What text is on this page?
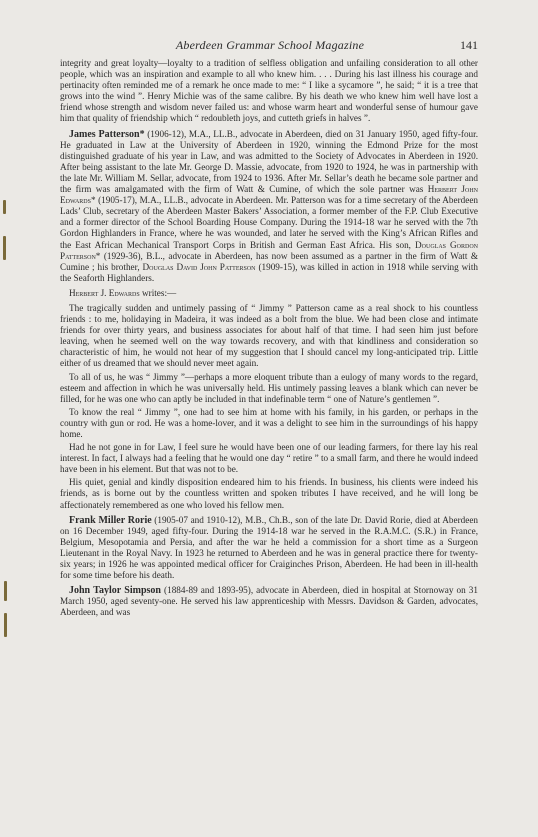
Aberdeen Grammar School Magazine	141

integrity and great loyalty—loyalty to a tradition of selfless obligation and unfailing consideration to all other people, which was an inspiration and example to all who knew him. . . . During his last illness his courage and pertinacity often reminded me of a remark he once made to me: “ I like a sycamore ”, he said; “ it is a tree that grows into the wind ”. Henry Michie was of the same calibre. By his death we who knew him well have lost a friend whose strength and wisdom never failed us: and whose warm heart and wonderful sense of humour gave him that quality of friendship which “ redoubleth joys, and cutteth griefs in halves ”.

James Patterson* (1906-12), M.A., LL.B., advocate in Aberdeen, died on 31 January 1950, aged fifty-four. He graduated in Law at the University of Aberdeen in 1920, winning the Edmond Prize for the most distinguished graduate of his year in Law, and was admitted to the Society of Advocates in Aberdeen in 1920. After being assistant to the late Mr. George D. Massie, advocate, from 1920 to 1924, he was in partnership with the late Mr. William M. Sellar, advocate, from 1924 to 1936. After Mr. Sellar’s death he became sole partner and the firm was amalgamated with the firm of Watt & Cumine, of which the sole partner was Herbert John Edwards* (1905-17), M.A., LL.B., advocate in Aberdeen. Mr. Patterson was for a time secretary of the Aberdeen Lads’ Club, secretary of the Aberdeen Master Bakers’ Association, a former member of the F.P. Club Executive and a former director of the School Boarding House Company. During the 1914-18 war he served with the 7th Gordon Highlanders in France, where he was wounded, and later he served with the King’s African Rifles and the East African Mechanical Transport Corps in British and German East Africa. His son, Douglas Gordon Patterson* (1929-36), B.L., advocate in Aberdeen, has now been assumed as a partner in the firm of Watt & Cumine ; his brother, Douglas David John Patterson (1909-15), was killed in action in 1918 while serving with the Seaforth Highlanders.

Herbert J. Edwards writes:—

The tragically sudden and untimely passing of “ Jimmy ” Patterson came as a real shock to his countless friends : to me, holidaying in Madeira, it was indeed as a bolt from the blue. We had been close and intimate friends for over thirty years, and business associates for about half of that time. I had seen him just before leaving, when he seemed well on the way towards recovery, and with that kindliness and consideration so characteristic of him, he would not hear of my suggestion that I should cancel my long-anticipated trip. Little either of us dreamed that we should never meet again.

To all of us, he was “ Jimmy ”—perhaps a more eloquent tribute than a eulogy of many words to the regard, esteem and affection in which he was universally held. His untimely passing leaves a blank which can never be filled, for he was one who can aptly be included in that indefinable term “ one of Nature’s gentlemen ”.

To know the real “ Jimmy ”, one had to see him at home with his family, in his garden, or perhaps in the country with gun or rod. He was a home-lover, and it was a delight to see him in the surroundings of his happy home.

Had he not gone in for Law, I feel sure he would have been one of our leading farmers, for there lay his real interest. In fact, I always had a feeling that he would one day “ retire ” to a small farm, and there he would indeed have been in his element. But that was not to be.

His quiet, genial and kindly disposition endeared him to his friends. In business, his clients were indeed his friends, as is borne out by the countless written and spoken tributes I have received, and he will long be affectionately remembered as one who loved his fellow men.

Frank Miller Rorie (1905-07 and 1910-12), M.B., Ch.B., son of the late Dr. David Rorie, died at Aberdeen on 16 December 1949, aged fifty-four. During the 1914-18 war he served in the R.A.M.C. (S.R.) in France, Belgium, Mesopotamia and Persia, and after the war he held a commission for a short time as a Surgeon Lieutenant in the Royal Navy. In 1923 he returned to Aberdeen and he was in general practice there for twenty-six years; in 1926 he was appointed medical officer for Craiginches Prison, Aberdeen. He had been in ill-health for some time before his death.

John Taylor Simpson (1884-89 and 1893-95), advocate in Aberdeen, died in hospital at Stornoway on 31 March 1950, aged seventy-one. He served his law apprenticeship with Messrs. Davidson & Garden, advocates, Aberdeen, and was
